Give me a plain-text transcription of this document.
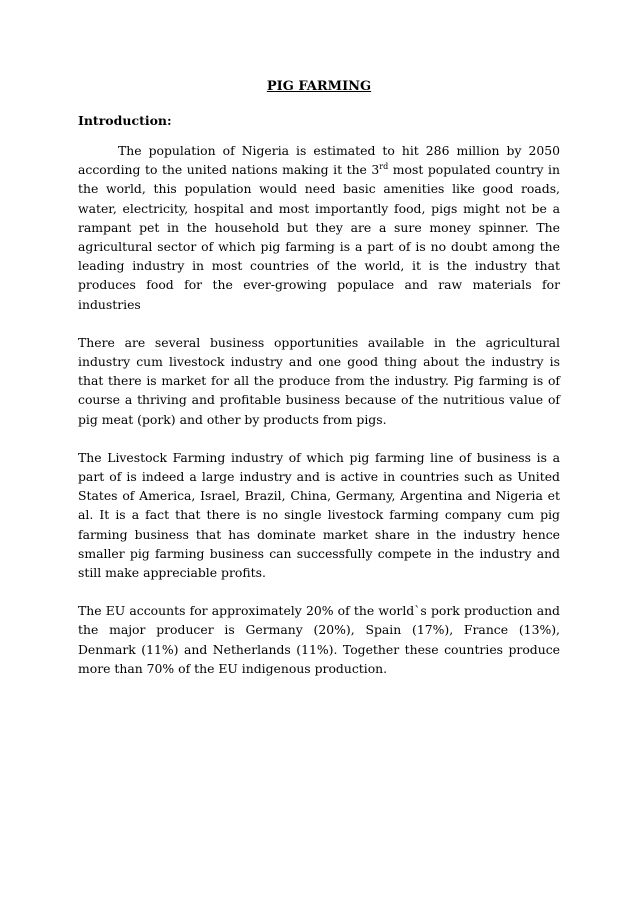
PIG FARMING
Introduction:

The population of Nigeria is estimated to hit 286 million by 2050 according to the united nations making it the 3rd most populated country in the world, this population would need basic amenities like good roads, water, electricity, hospital and most importantly food, pigs might not be a rampant pet in the household but they are a sure money spinner. The agricultural sector of which pig farming is a part of is no doubt among the leading industry in most countries of the world, it is the industry that produces food for the ever-growing populace and raw materials for industries

There are several business opportunities available in the agricultural industry cum livestock industry and one good thing about the industry is that there is market for all the produce from the industry. Pig farming is of course a thriving and profitable business because of the nutritious value of pig meat (pork) and other by products from pigs.

The Livestock Farming industry of which pig farming line of business is a part of is indeed a large industry and is active in countries such as United States of America, Israel, Brazil, China, Germany, Argentina and Nigeria et al. It is a fact that there is no single livestock farming company cum pig farming business that has dominate market share in the industry hence smaller pig farming business can successfully compete in the industry and still make appreciable profits.

The EU accounts for approximately 20% of the world`s pork production and the major producer is Germany (20%), Spain (17%), France (13%), Denmark (11%) and Netherlands (11%). Together these countries produce more than 70% of the EU indigenous production.
